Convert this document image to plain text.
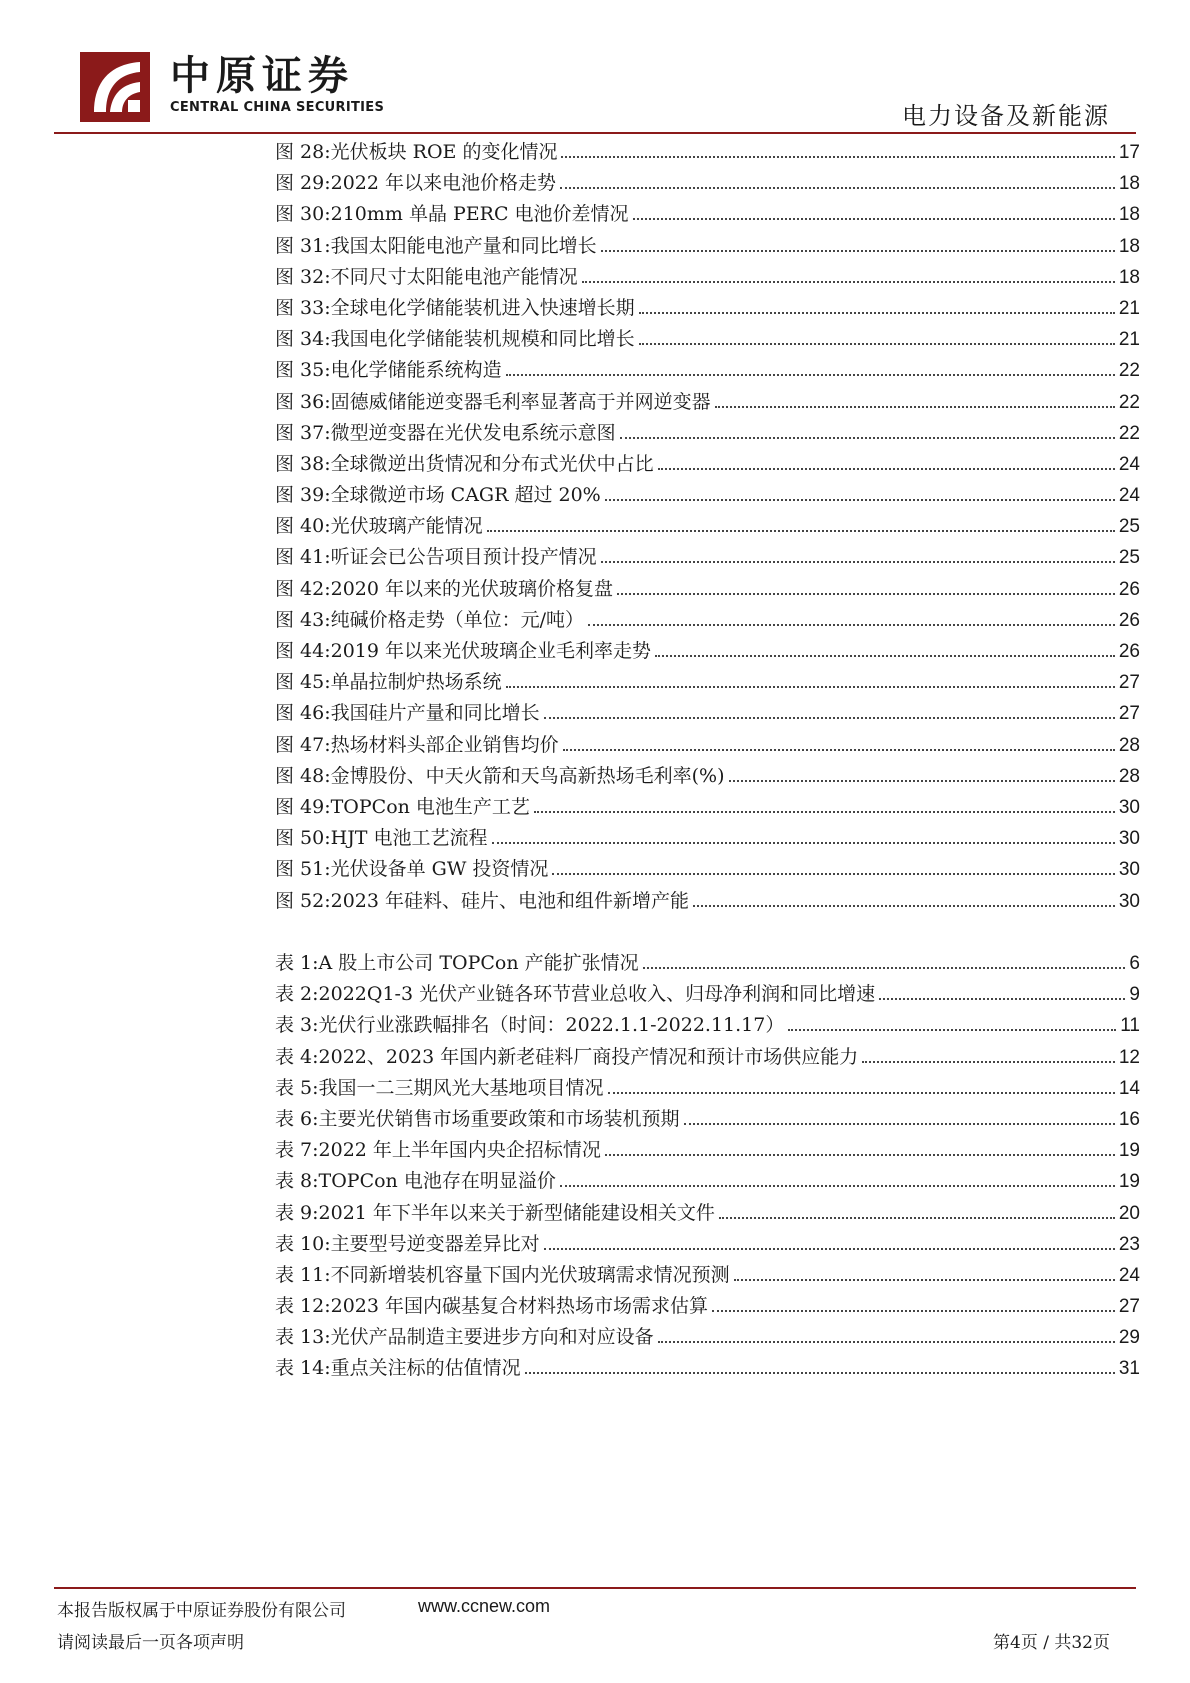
中原证券
CENTRAL CHINA SECURITIES	电力设备及新能源
图 28: 光伏板块 ROE 的变化情况	17
图 29: 2022 年以来电池价格走势	18
图 30: 210mm 单晶 PERC 电池价差情况	18
图 31: 我国太阳能电池产量和同比增长	18
图 32: 不同尺寸太阳能电池产能情况	18
图 33: 全球电化学储能装机进入快速增长期	21
图 34: 我国电化学储能装机规模和同比增长	21
图 35: 电化学储能系统构造	22
图 36: 固德威储能逆变器毛利率显著高于并网逆变器	22
图 37: 微型逆变器在光伏发电系统示意图	22
图 38: 全球微逆出货情况和分布式光伏中占比	24
图 39: 全球微逆市场 CAGR 超过 20%	24
图 40: 光伏玻璃产能情况	25
图 41: 听证会已公告项目预计投产情况	25
图 42: 2020 年以来的光伏玻璃价格复盘	26
图 43: 纯碱价格走势（单位：元/吨）	26
图 44: 2019 年以来光伏玻璃企业毛利率走势	26
图 45: 单晶拉制炉热场系统	27
图 46: 我国硅片产量和同比增长	27
图 47: 热场材料头部企业销售均价	28
图 48: 金博股份、中天火箭和天鸟高新热场毛利率(%)	28
图 49: TOPCon 电池生产工艺	30
图 50: HJT 电池工艺流程	30
图 51: 光伏设备单 GW 投资情况	30
图 52: 2023 年硅料、硅片、电池和组件新增产能	30
表 1: A 股上市公司 TOPCon 产能扩张情况	6
表 2: 2022Q1-3 光伏产业链各环节营业总收入、归母净利润和同比增速	9
表 3: 光伏行业涨跌幅排名（时间：2022.1.1-2022.11.17）	11
表 4: 2022、2023 年国内新老硅料厂商投产情况和预计市场供应能力	12
表 5: 我国一二三期风光大基地项目情况	14
表 6: 主要光伏销售市场重要政策和市场装机预期	16
表 7: 2022 年上半年国内央企招标情况	19
表 8: TOPCon 电池存在明显溢价	19
表 9: 2021 年下半年以来关于新型储能建设相关文件	20
表 10: 主要型号逆变器差异比对	23
表 11: 不同新增装机容量下国内光伏玻璃需求情况预测	24
表 12: 2023 年国内碳基复合材料热场市场需求估算	27
表 13: 光伏产品制造主要进步方向和对应设备	29
表 14: 重点关注标的估值情况	31
本报告版权属于中原证券股份有限公司	www.ccnew.com
请阅读最后一页各项声明	第4页 / 共32页
